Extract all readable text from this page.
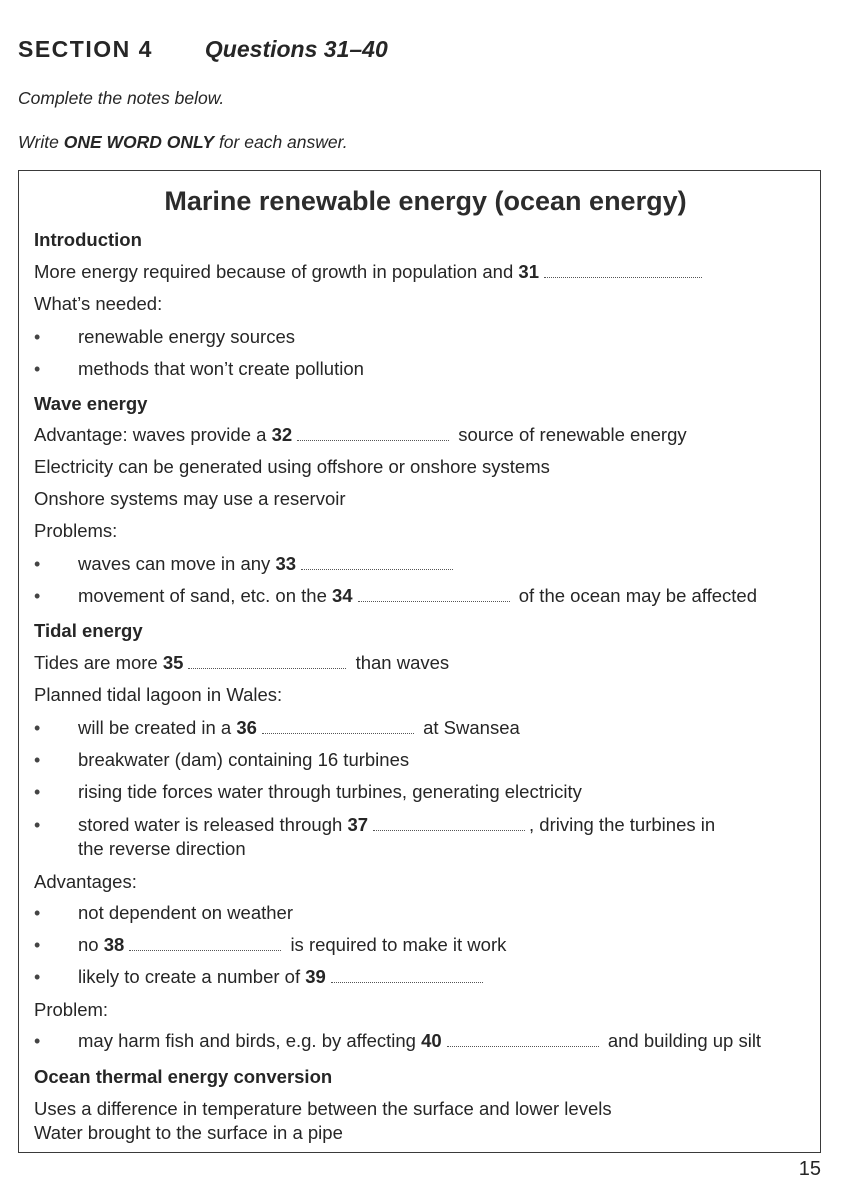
SECTION 4 Questions 31–40
Complete the notes below.
Write ONE WORD ONLY for each answer.
Marine renewable energy (ocean energy)
Introduction
More energy required because of growth in population and 31
What’s needed:
• renewable energy sources
• methods that won’t create pollution
Wave energy
Advantage: waves provide a 32	source of renewable energy
Electricity can be generated using offshore or onshore systems
Onshore systems may use a reservoir
Problems:
• waves can move in any 33
• movement of sand, etc. on the 34	of the ocean may be affected
Tidal energy
Tides are more 35	than waves
Planned tidal lagoon in Wales:
• will be created in a 36	at Swansea
• breakwater (dam) containing 16 turbines
• rising tide forces water through turbines, generating electricity
• stored water is released through 37	, driving the turbines in
the reverse direction
Advantages:
• not dependent on weather
• no 38	is required to make it work
• likely to create a number of 39
Problem:
• may harm fish and birds, e.g. by affecting 40	and building up silt
Ocean thermal energy conversion
Uses a difference in temperature between the surface and lower levels
Water brought to the surface in a pipe
15
